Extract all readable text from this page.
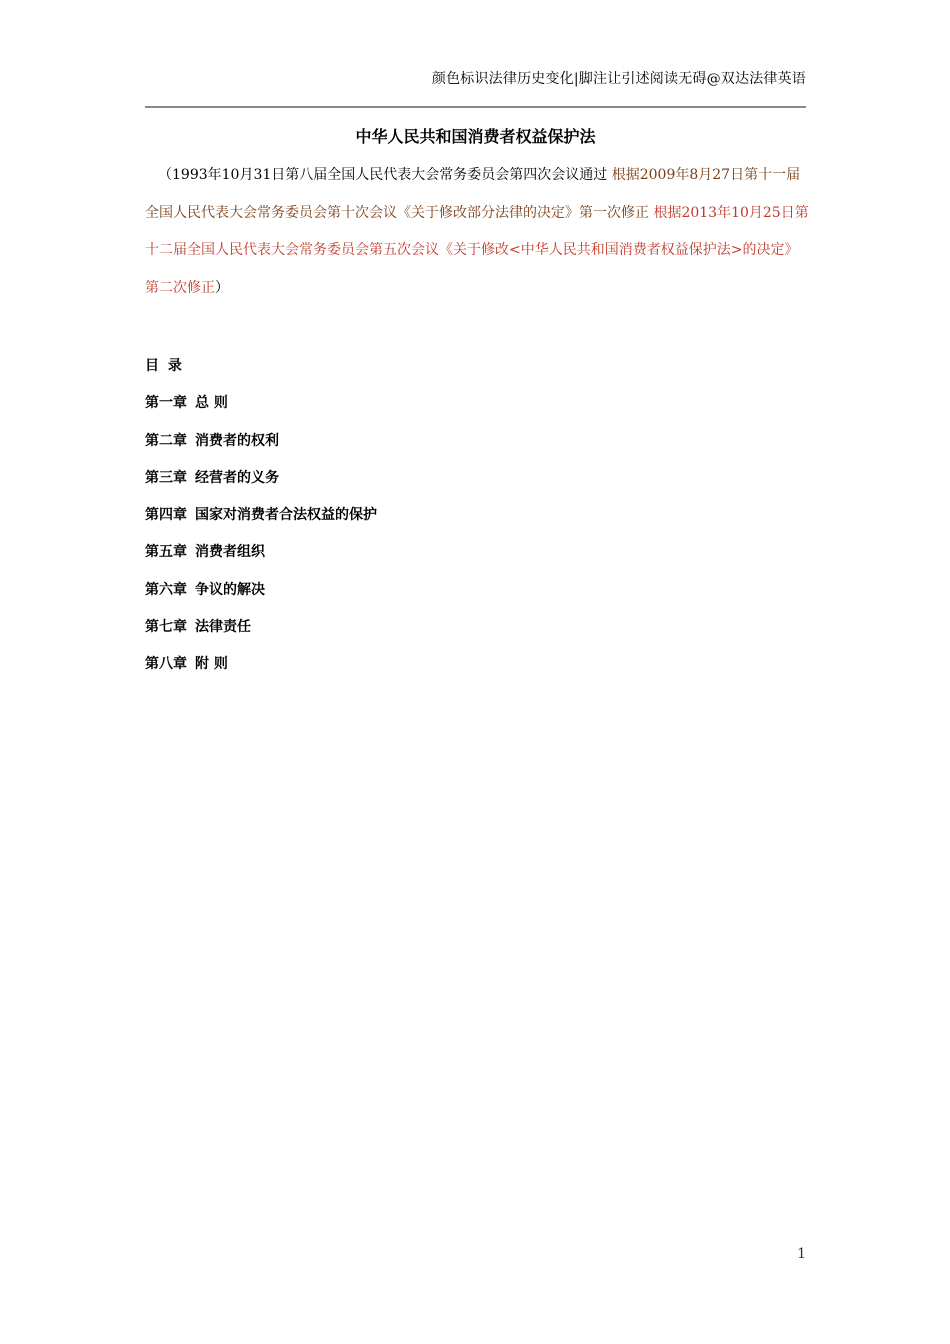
颜色标识法律历史变化|脚注让引述阅读无碍@双达法律英语
中华人民共和国消费者权益保护法

（1993年10月31日第八届全国人民代表大会常务委员会第四次会议通过 根据2009年8月27日第十一届全国人民代表大会常务委员会第十次会议《关于修改部分法律的决定》第一次修正 根据2013年10月25日第十二届全国人民代表大会常务委员会第五次会议《关于修改<中华人民共和国消费者权益保护法>的决定》第二次修正）

目 录
第一章 总 则
第二章 消费者的权利
第三章 经营者的义务
第四章 国家对消费者合法权益的保护
第五章 消费者组织
第六章 争议的解决
第七章 法律责任
第八章 附 则
1
